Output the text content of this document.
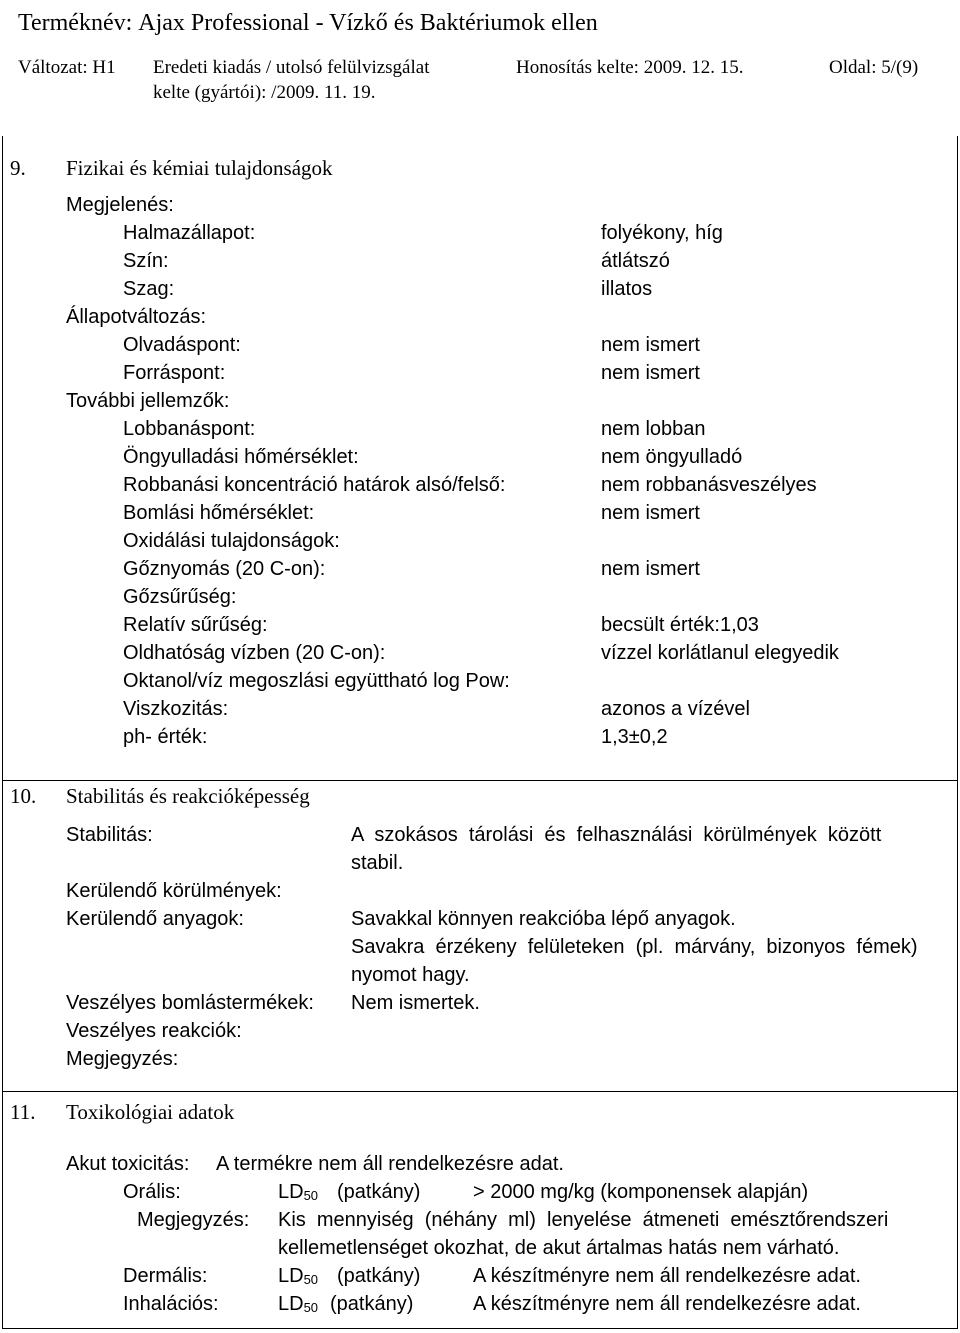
Terméknév: Ajax Professional - Vízkő és Baktériumok ellen
Változat: H1 Eredeti kiadás / utolsó felülvizsgálat
kelte (gyártói): /2009. 11. 19.
Honosítás kelte: 2009. 12. 15.	Oldal: 5/(9)
9. Fizikai és kémiai tulajdonságok
Megjelenés:
Halmazállapot:	folyékony, híg
Szín:	átlátszó
Szag:	illatos
Állapotváltozás:
Olvadáspont:	nem ismert
Forráspont:	nem ismert
További jellemzők:
Lobbanáspont:	nem lobban
Öngyulladási hőmérséklet:	nem öngyulladó
Robbanási koncentráció határok alsó/felső:	nem robbanásveszélyes
Bomlási hőmérséklet:	nem ismert
Oxidálási tulajdonságok:
Gőznyomás (20 C-on):	nem ismert
Gőzsűrűség:
Relatív sűrűség:	becsült érték:1,03
Oldhatóság vízben (20 C-on):	vízzel korlátlanul elegyedik
Oktanol/víz megoszlási együttható log Pow:
Viszkozitás:	azonos a vízével
ph- érték:	1,3±0,2
10. Stabilitás és reakcióképesség
Stabilitás:	A  szokásos  tárolási  és  felhasználási  körülmények  között
stabil.
Kerülendő körülmények:
Kerülendő anyagok:	Savakkal könnyen reakcióba lépő anyagok.
Savakra  érzékeny  felületeken  (pl.  márvány,  bizonyos  fémek)
nyomot hagy.
Veszélyes bomlástermékek: Nem ismertek.
Veszélyes reakciók:
Megjegyzés:
11. Toxikológiai adatok
Akut toxicitás: A termékre nem áll rendelkezésre adat.
Orális:	$LD_{50}$ (patkány)	> 2000 mg/kg (komponensek alapján)
Megjegyzés: Kis  mennyiség  (néhány  ml)  lenyelése  átmeneti  emésztőrendszeri
kellemetlenséget okozhat, de akut ártalmas hatás nem várható.
Dermális:	$LD_{50}$ (patkány)	A készítményre nem áll rendelkezésre adat.
Inhalációs:	$LD_{50}$ (patkány)	A készítményre nem áll rendelkezésre adat.
